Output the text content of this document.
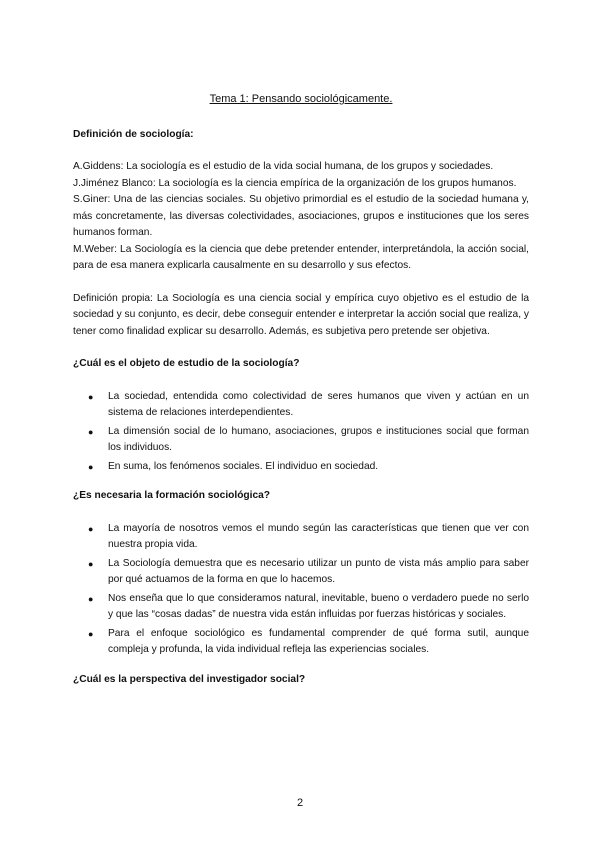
Tema 1: Pensando sociológicamente.
Definición de sociología:

A.Giddens: La sociología es el estudio de la vida social humana, de los grupos y sociedades.

J.Jiménez Blanco: La sociología es la ciencia empírica de la organización de los grupos humanos.

S.Giner: Una de las ciencias sociales. Su objetivo primordial es el estudio de la sociedad humana y, más concretamente, las diversas colectividades, asociaciones, grupos e instituciones que los seres humanos forman.

M.Weber: La Sociología es la ciencia que debe pretender entender, interpretándola, la acción social, para de esa manera explicarla causalmente en su desarrollo y sus efectos.

Definición propia: La Sociología es una ciencia social y empírica cuyo objetivo es el estudio de la sociedad y su conjunto, es decir, debe conseguir entender e interpretar la acción social que realiza, y tener como finalidad explicar su desarrollo. Además, es subjetiva pero pretende ser objetiva.

¿Cuál es el objeto de estudio de la sociología?
● La sociedad, entendida como colectividad de seres humanos que viven y actúan en un sistema de relaciones interdependientes.
● La dimensión social de lo humano, asociaciones, grupos e instituciones social que forman los individuos.
● En suma, los fenómenos sociales. El individuo en sociedad.
¿Es necesaria la formación sociológica?
● La mayoría de nosotros vemos el mundo según las características que tienen que ver con nuestra propia vida.
● La Sociología demuestra que es necesario utilizar un punto de vista más amplio para saber por qué actuamos de la forma en que lo hacemos.
● Nos enseña que lo que consideramos natural, inevitable, bueno o verdadero puede no serlo y que las “cosas dadas” de nuestra vida están influidas por fuerzas históricas y sociales.
● Para el enfoque sociológico es fundamental comprender de qué forma sutil, aunque compleja y profunda, la vida individual refleja las experiencias sociales.
¿Cuál es la perspectiva del investigador social?
2
